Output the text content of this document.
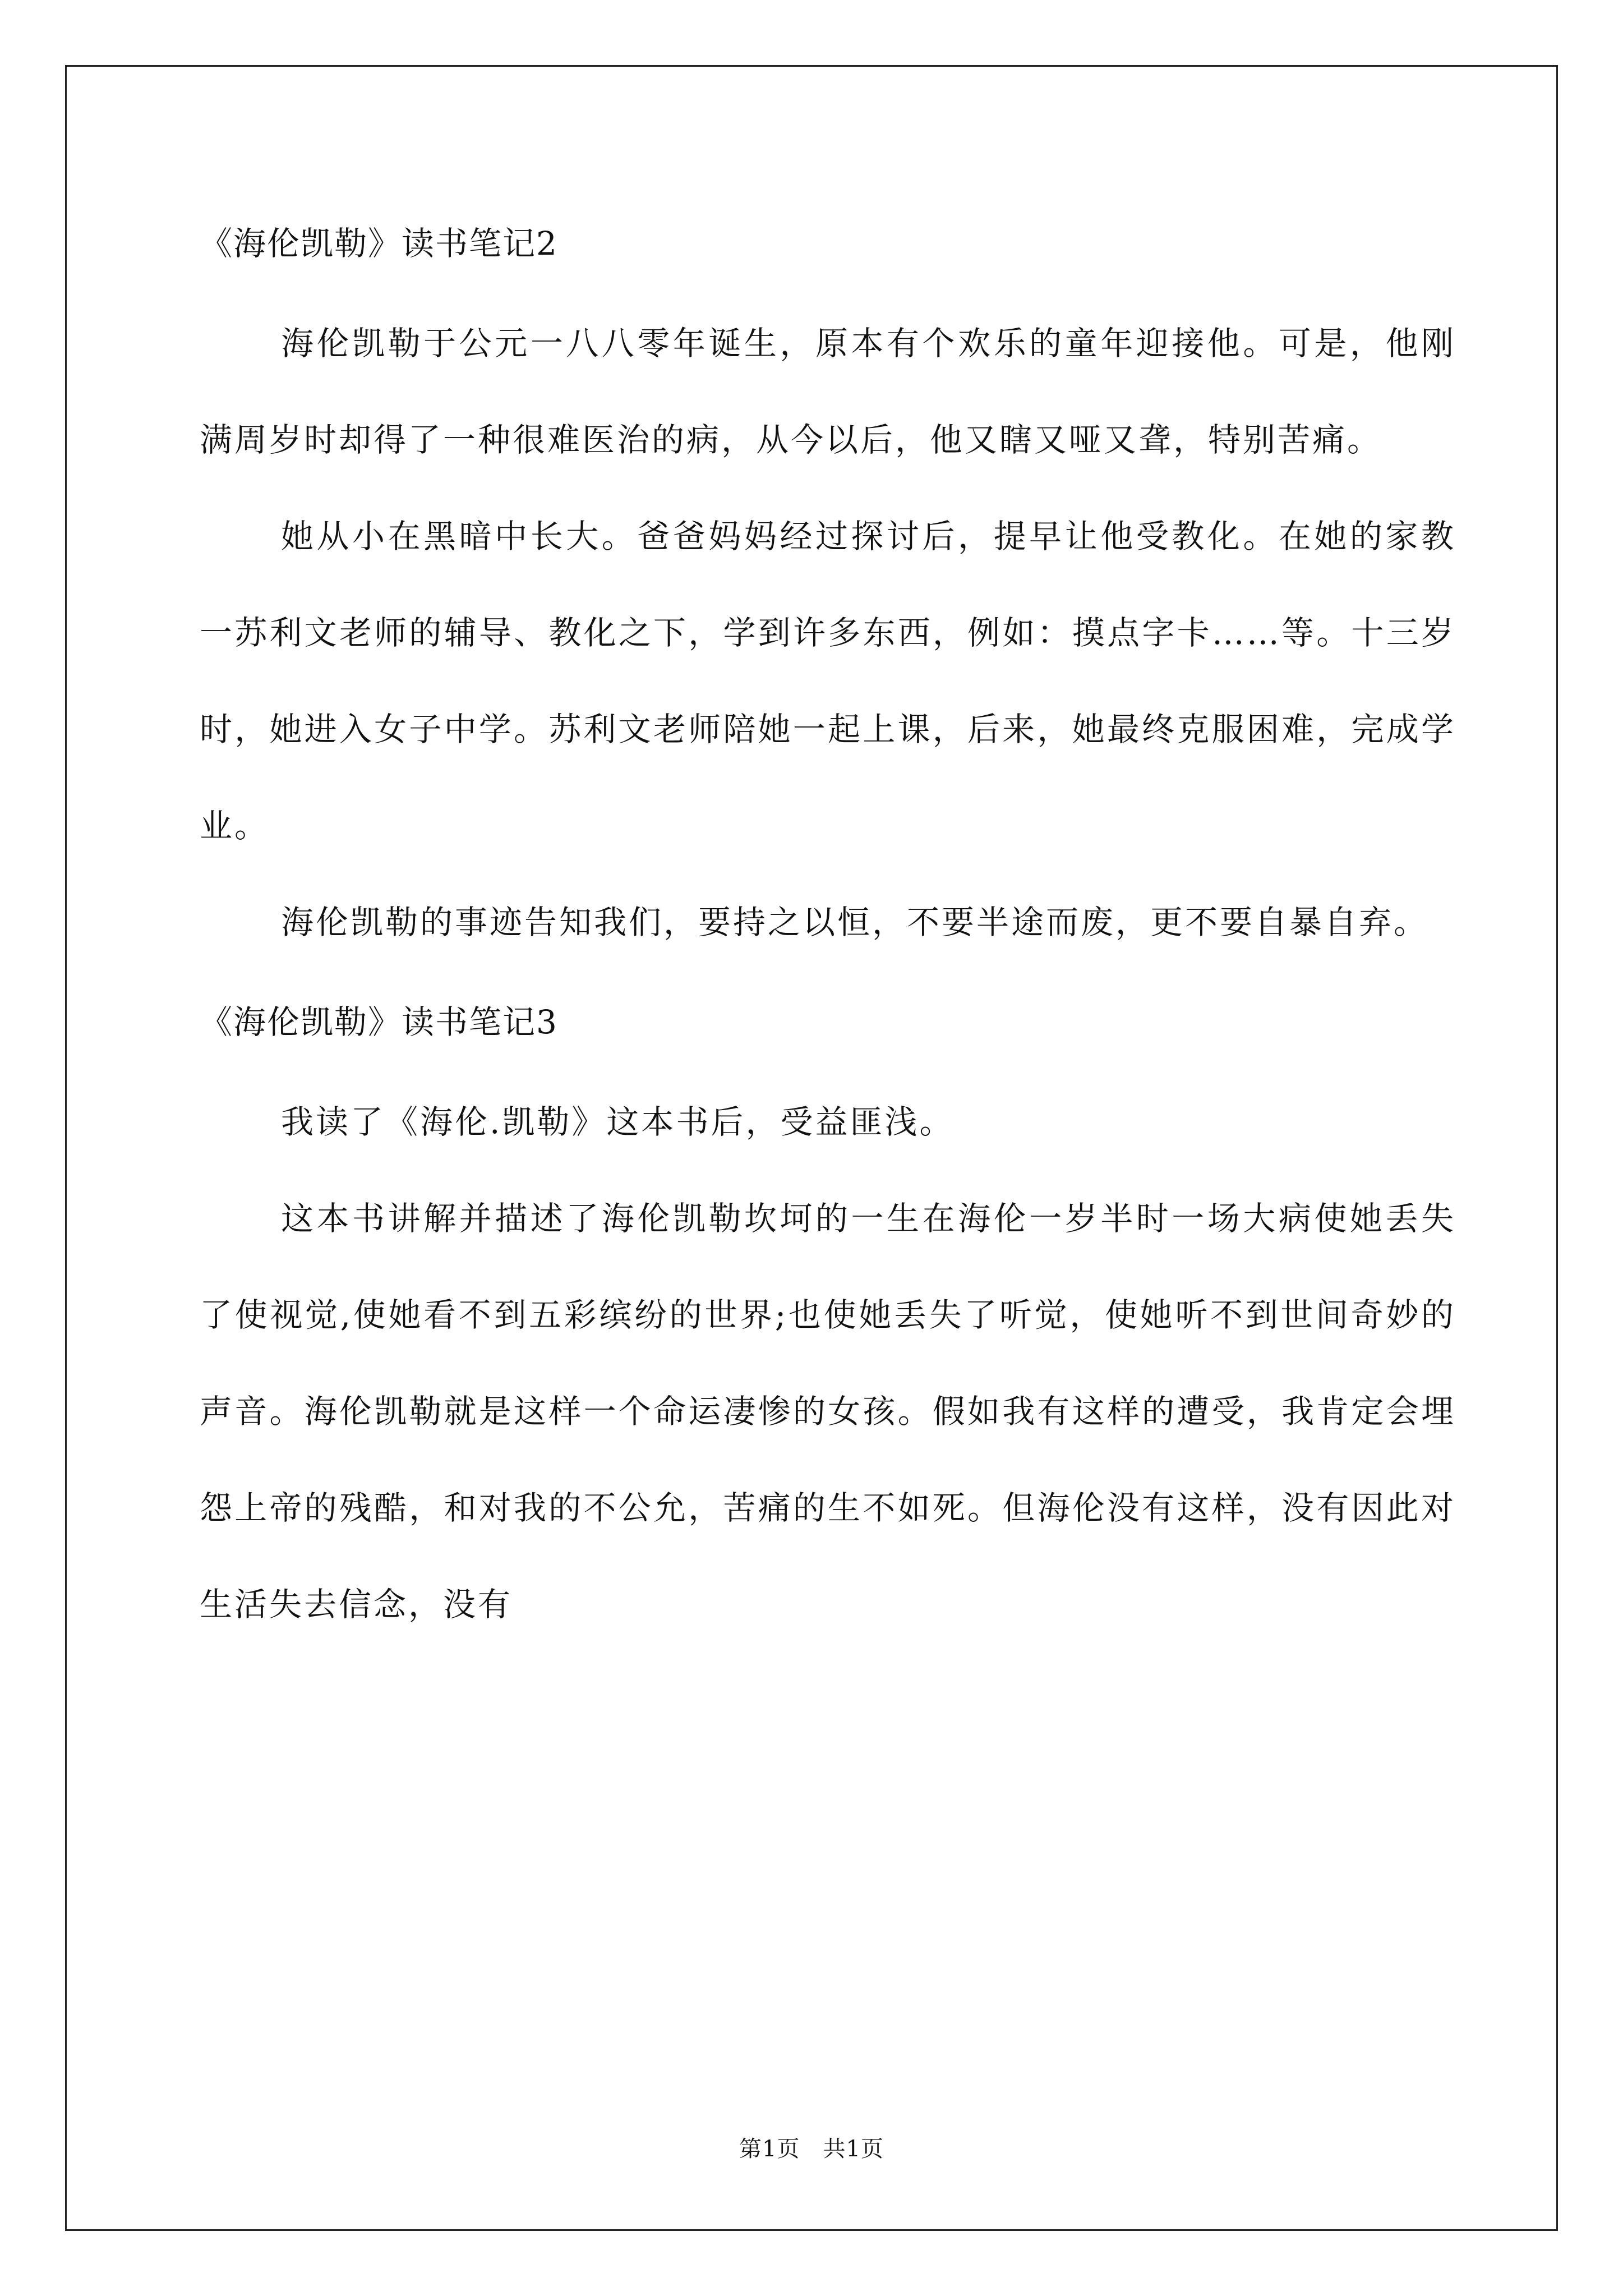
《海伦凯勒》读书笔记2

海伦凯勒于公元一八八零年诞生，原本有个欢乐的童年迎接他。可是，他刚满周岁时却得了一种很难医治的病，从今以后，他又瞎又哑又聋，特别苦痛。

她从小在黑暗中长大。爸爸妈妈经过探讨后，提早让他受教化。在她的家教一苏利文老师的辅导、教化之下，学到许多东西，例如：摸点字卡……等。十三岁时，她进入女子中学。苏利文老师陪她一起上课，后来，她最终克服困难，完成学业。

海伦凯勒的事迹告知我们，要持之以恒，不要半途而废，更不要自暴自弃。

《海伦凯勒》读书笔记3

我读了《海伦.凯勒》这本书后，受益匪浅。

这本书讲解并描述了海伦凯勒坎坷的一生在海伦一岁半时一场大病使她丢失了使视觉,使她看不到五彩缤纷的世界;也使她丢失了听觉，使她听不到世间奇妙的声音。海伦凯勒就是这样一个命运凄惨的女孩。假如我有这样的遭受，我肯定会埋怨上帝的残酷，和对我的不公允，苦痛的生不如死。但海伦没有这样，没有因此对生活失去信念，没有

第1页　共1页
